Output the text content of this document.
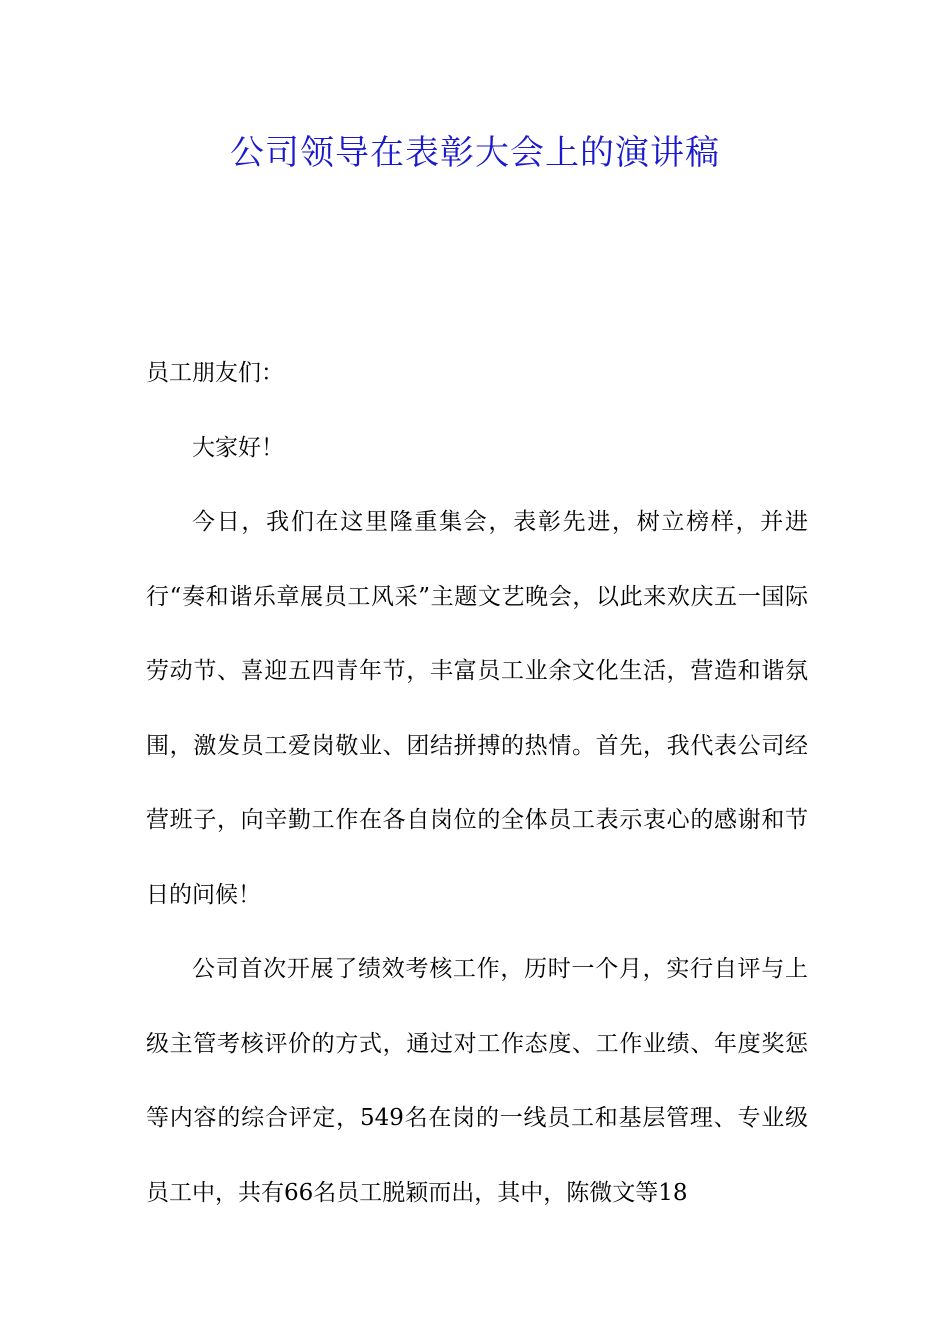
公司领导在表彰大会上的演讲稿

员工朋友们：

大家好！

今日，我们在这里隆重集会，表彰先进，树立榜样，并进行“奏和谐乐章展员工风采”主题文艺晚会，以此来欢庆五一国际劳动节、喜迎五四青年节，丰富员工业余文化生活，营造和谐氛围，激发员工爱岗敬业、团结拼搏的热情。首先，我代表公司经营班子，向辛勤工作在各自岗位的全体员工表示衷心的感谢和节日的问候！

公司首次开展了绩效考核工作，历时一个月，实行自评与上级主管考核评价的方式，通过对工作态度、工作业绩、年度奖惩等内容的综合评定，549名在岗的一线员工和基层管理、专业级员工中，共有66名员工脱颖而出，其中，陈微文等18
